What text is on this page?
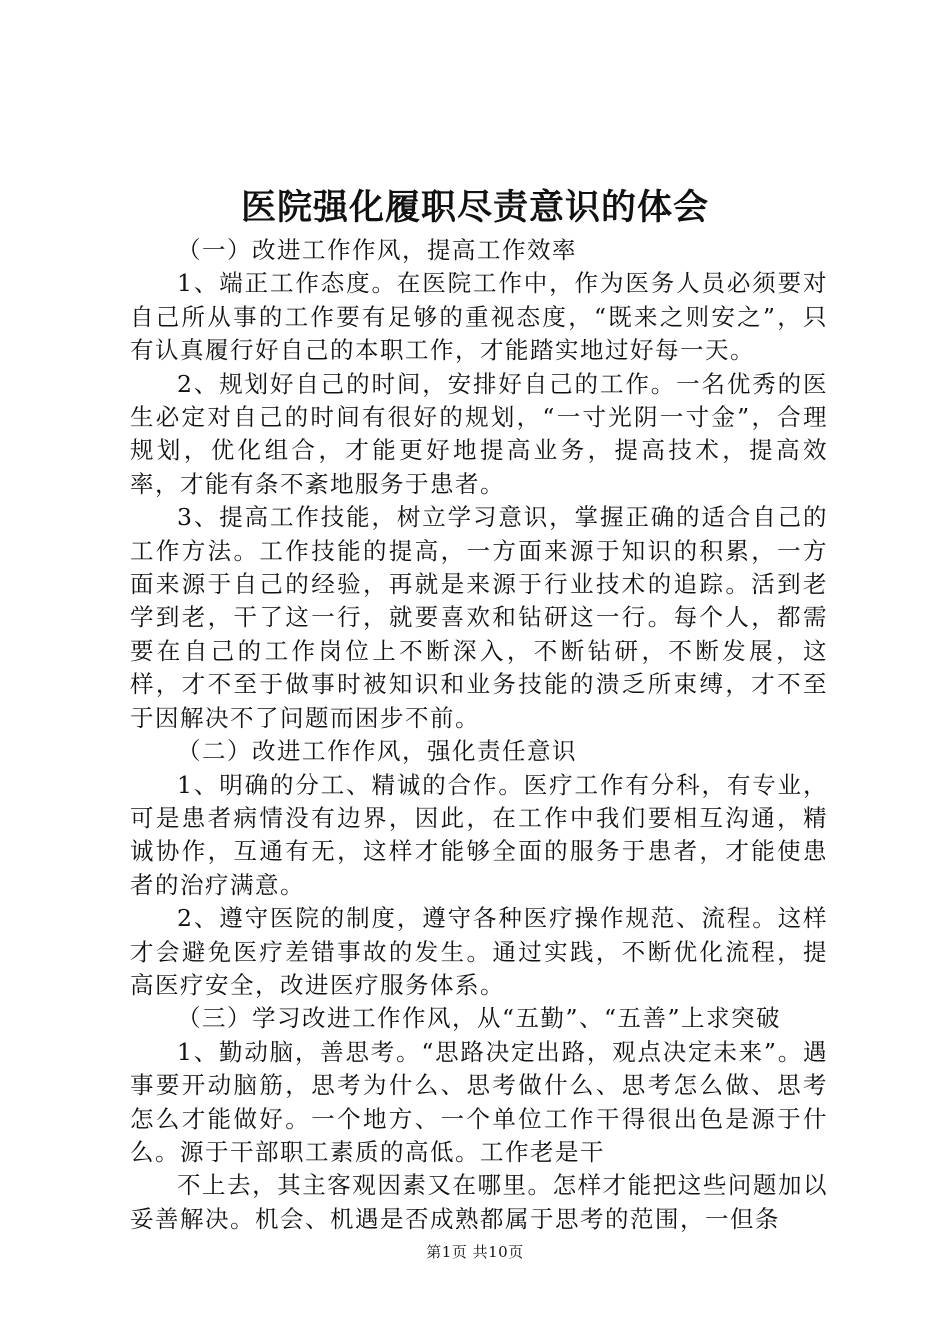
医院强化履职尽责意识的体会

（一）改进工作作风，提高工作效率

1、端正工作态度。在医院工作中，作为医务人员必须要对自己所从事的工作要有足够的重视态度，“既来之则安之”，只有认真履行好自己的本职工作，才能踏实地过好每一天。

2、规划好自己的时间，安排好自己的工作。一名优秀的医生必定对自己的时间有很好的规划，“一寸光阴一寸金”，合理规划，优化组合，才能更好地提高业务，提高技术，提高效率，才能有条不紊地服务于患者。

3、提高工作技能，树立学习意识，掌握正确的适合自己的工作方法。工作技能的提高，一方面来源于知识的积累，一方面来源于自己的经验，再就是来源于行业技术的追踪。活到老学到老，干了这一行，就要喜欢和钻研这一行。每个人，都需要在自己的工作岗位上不断深入，不断钻研，不断发展，这样，才不至于做事时被知识和业务技能的溃乏所束缚，才不至于因解决不了问题而困步不前。

（二）改进工作作风，强化责任意识

1、明确的分工、精诚的合作。医疗工作有分科，有专业，可是患者病情没有边界，因此，在工作中我们要相互沟通，精诚协作，互通有无，这样才能够全面的服务于患者，才能使患者的治疗满意。

2、遵守医院的制度，遵守各种医疗操作规范、流程。这样才会避免医疗差错事故的发生。通过实践，不断优化流程，提高医疗安全，改进医疗服务体系。

（三）学习改进工作作风，从“五勤”、“五善”上求突破

1、勤动脑，善思考。“思路决定出路，观点决定未来”。遇事要开动脑筋，思考为什么、思考做什么、思考怎么做、思考怎么才能做好。一个地方、一个单位工作干得很出色是源于什么。源于干部职工素质的高低。工作老是干

不上去，其主客观因素又在哪里。怎样才能把这些问题加以妥善解决。机会、机遇是否成熟都属于思考的范围，一但条

第1页 共10页
